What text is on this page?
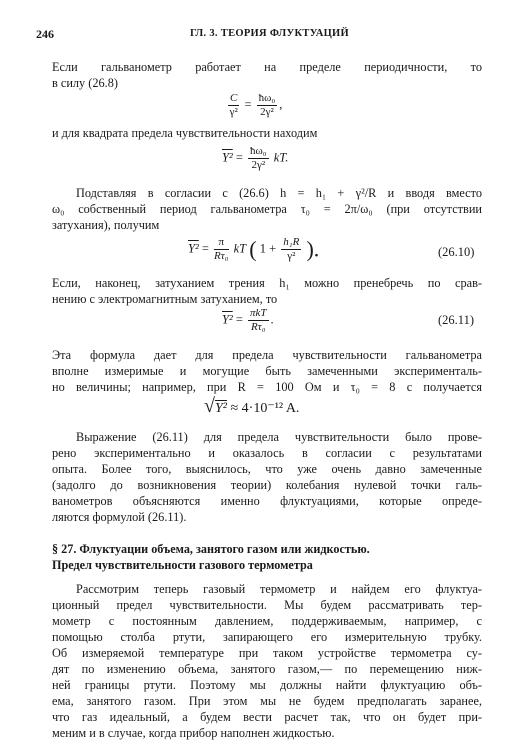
246	ГЛ. 3. ТЕОРИЯ ФЛУКТУАЦИЙ
Если гальванометр работает на пределе периодичности, то
в силу (26.8)
$\frac{C}{\text{γ²}} = \frac{\text{ħω₀}}{\text{2γ²}}$ ,
и для квадрата предела чувствительности находим
$Y^2 = \frac{\text{ħω₀}}{\text{2γ²}}$ kT.
Подставляя в согласии с (26.6) h = h₁ + γ²/R и вводя вместо
ω₀ собственный период гальванометра τ₀ = 2π/ω₀ (при отсутствии
затухания), получим
$Y^2 = \frac{\pi}{\text{Rτ₀}}$ kT ( $1 + \frac{\text{h₁R}}{\text{γ²}}$ ).	(26.10)
Если, наконец, затуханием трения h₁ можно пренебречь по срав-
нению с электромагнитным затуханием, то
$Y^2 = \frac{\text{πkT}}{\text{Rτ₀}}$ .	(26.11)
Эта формула дает для предела чувствительности гальванометра
вполне измеримые и могущие быть замеченными эксперименталь-
но величины; например, при R = 100 Ом и τ₀ = 8 с получается
√Y² ≈ 4·10⁻¹² A.
Выражение (26.11) для предела чувствительности было прове-
рено экспериментально и оказалось в согласии с результатами
опыта. Более того, выяснилось, что уже очень давно замеченные
(задолго до возникновения теории) колебания нулевой точки галь-
ванометров объясняются именно флуктуациями, которые опреде-
ляются формулой (26.11).
§ 27. Флуктуации объема, занятого газом или жидкостью.
Предел чувствительности газового термометра
Рассмотрим теперь газовый термометр и найдем его флуктуа-
ционный предел чувствительности. Мы будем рассматривать тер-
мометр с постоянным давлением, поддерживаемым, например, с
помощью столба ртути, запирающего его измерительную трубку.
Об измеряемой температуре при таком устройстве термометра су-
дят по изменению объема, занятого газом,— по перемещению ниж-
ней границы ртути. Поэтому мы должны найти флуктуацию объ-
ема, занятого газом. При этом мы не будем предполагать заранее,
что газ идеальный, а будем вести расчет так, что он будет при-
меним и в случае, когда прибор наполнен жидкостью.
